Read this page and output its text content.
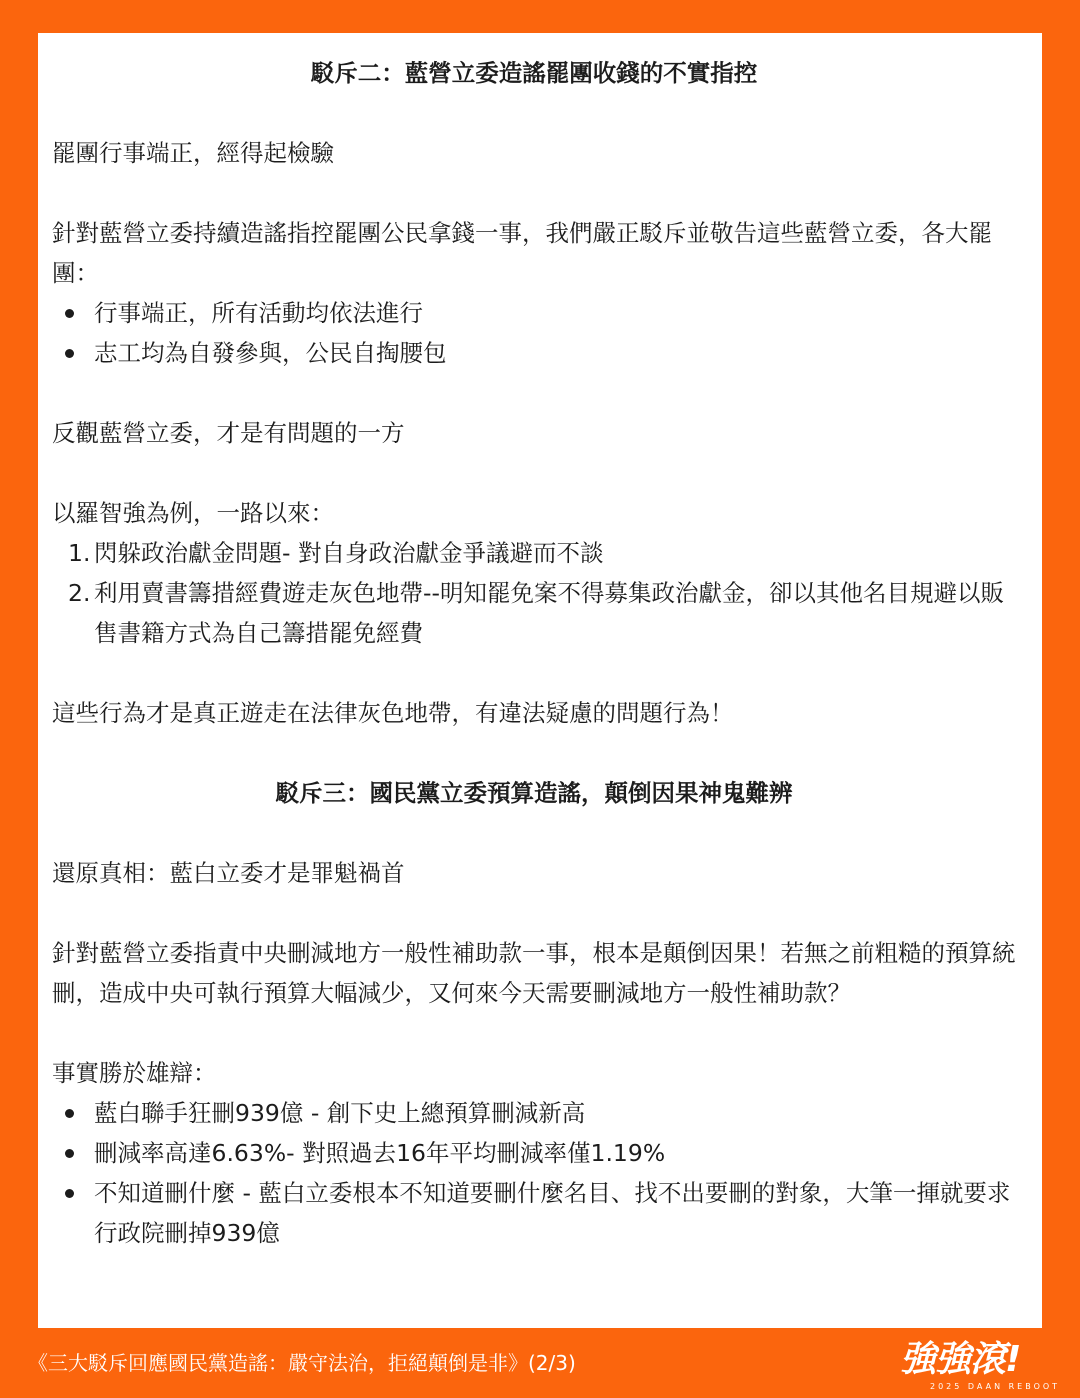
駁斥二：藍營立委造謠罷團收錢的不實指控

罷團行事端正，經得起檢驗

針對藍營立委持續造謠指控罷團公民拿錢一事，我們嚴正駁斥並敬告這些藍營立委，各大罷團：

行事端正，所有活動均依法進行
志工均為自發參與，公民自掏腰包

反觀藍營立委，才是有問題的一方

以羅智強為例，一路以來：

1. 閃躲政治獻金問題- 對自身政治獻金爭議避而不談
2. 利用賣書籌措經費遊走灰色地帶--明知罷免案不得募集政治獻金，卻以其他名目規避以販售書籍方式為自己籌措罷免經費

這些行為才是真正遊走在法律灰色地帶，有違法疑慮的問題行為！

駁斥三：國民黨立委預算造謠，顛倒因果神鬼難辨

還原真相：藍白立委才是罪魁禍首

針對藍營立委指責中央刪減地方一般性補助款一事，根本是顛倒因果！若無之前粗糙的預算統刪，造成中央可執行預算大幅減少，又何來今天需要刪減地方一般性補助款？

事實勝於雄辯：

藍白聯手狂刪939億 - 創下史上總預算刪減新高
刪減率高達6.63%- 對照過去16年平均刪減率僅1.19%
不知道刪什麼 - 藍白立委根本不知道要刪什麼名目、找不出要刪的對象，大筆一揮就要求行政院刪掉939億
《三大駁斥回應國民黨造謠：嚴守法治，拒絕顛倒是非》(2/3)	強強滾!
2025 DAAN REBOOT
